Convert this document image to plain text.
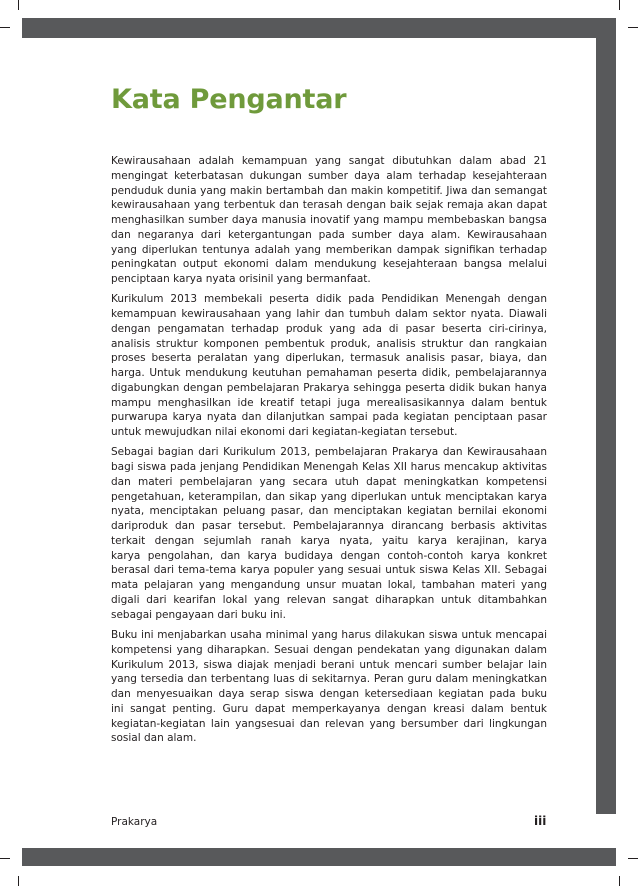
Kata Pengantar
Kewirausahaan adalah kemampuan yang sangat dibutuhkan dalam abad 21
mengingat keterbatasan dukungan sumber daya alam terhadap kesejahteraan
penduduk dunia yang makin bertambah dan makin kompetitif. Jiwa dan semangat
kewirausahaan yang terbentuk dan terasah dengan baik sejak remaja akan dapat
menghasilkan sumber daya manusia inovatif yang mampu membebaskan bangsa
dan negaranya dari ketergantungan pada sumber daya alam. Kewirausahaan
yang diperlukan tentunya adalah yang memberikan dampak signifikan terhadap
peningkatan output ekonomi dalam mendukung kesejahteraan bangsa melalui
penciptaan karya nyata orisinil yang bermanfaat.
Kurikulum 2013 membekali peserta didik pada Pendidikan Menengah dengan
kemampuan kewirausahaan yang lahir dan tumbuh dalam sektor nyata. Diawali
dengan pengamatan terhadap produk yang ada di pasar beserta ciri-cirinya,
analisis struktur komponen pembentuk produk, analisis struktur dan rangkaian
proses beserta peralatan yang diperlukan, termasuk analisis pasar, biaya, dan
harga. Untuk mendukung keutuhan pemahaman peserta didik, pembelajarannya
digabungkan dengan pembelajaran Prakarya sehingga peserta didik bukan hanya
mampu menghasilkan ide kreatif tetapi juga merealisasikannya dalam bentuk
purwarupa karya nyata dan dilanjutkan sampai pada kegiatan penciptaan pasar
untuk mewujudkan nilai ekonomi dari kegiatan-kegiatan tersebut.
Sebagai bagian dari Kurikulum 2013, pembelajaran Prakarya dan Kewirausahaan
bagi siswa pada jenjang Pendidikan Menengah Kelas XII harus mencakup aktivitas
dan materi pembelajaran yang secara utuh dapat meningkatkan kompetensi
pengetahuan, keterampilan, dan sikap yang diperlukan untuk menciptakan karya
nyata, menciptakan peluang pasar, dan menciptakan kegiatan bernilai ekonomi
dariproduk dan pasar tersebut. Pembelajarannya dirancang berbasis aktivitas
terkait dengan sejumlah ranah karya nyata, yaitu karya kerajinan, karya
karya pengolahan, dan karya budidaya dengan contoh-contoh karya konkret
berasal dari tema-tema karya populer yang sesuai untuk siswa Kelas XII. Sebagai
mata pelajaran yang mengandung unsur muatan lokal, tambahan materi yang
digali dari kearifan lokal yang relevan sangat diharapkan untuk ditambahkan
sebagai pengayaan dari buku ini.
Buku ini menjabarkan usaha minimal yang harus dilakukan siswa untuk mencapai
kompetensi yang diharapkan. Sesuai dengan pendekatan yang digunakan dalam
Kurikulum 2013, siswa diajak menjadi berani untuk mencari sumber belajar lain
yang tersedia dan terbentang luas di sekitarnya. Peran guru dalam meningkatkan
dan menyesuaikan daya serap siswa dengan ketersediaan kegiatan pada buku
ini sangat penting. Guru dapat memperkayanya dengan kreasi dalam bentuk
kegiatan-kegiatan lain yangsesuai dan relevan yang bersumber dari lingkungan
sosial dan alam.
Prakarya	iii
